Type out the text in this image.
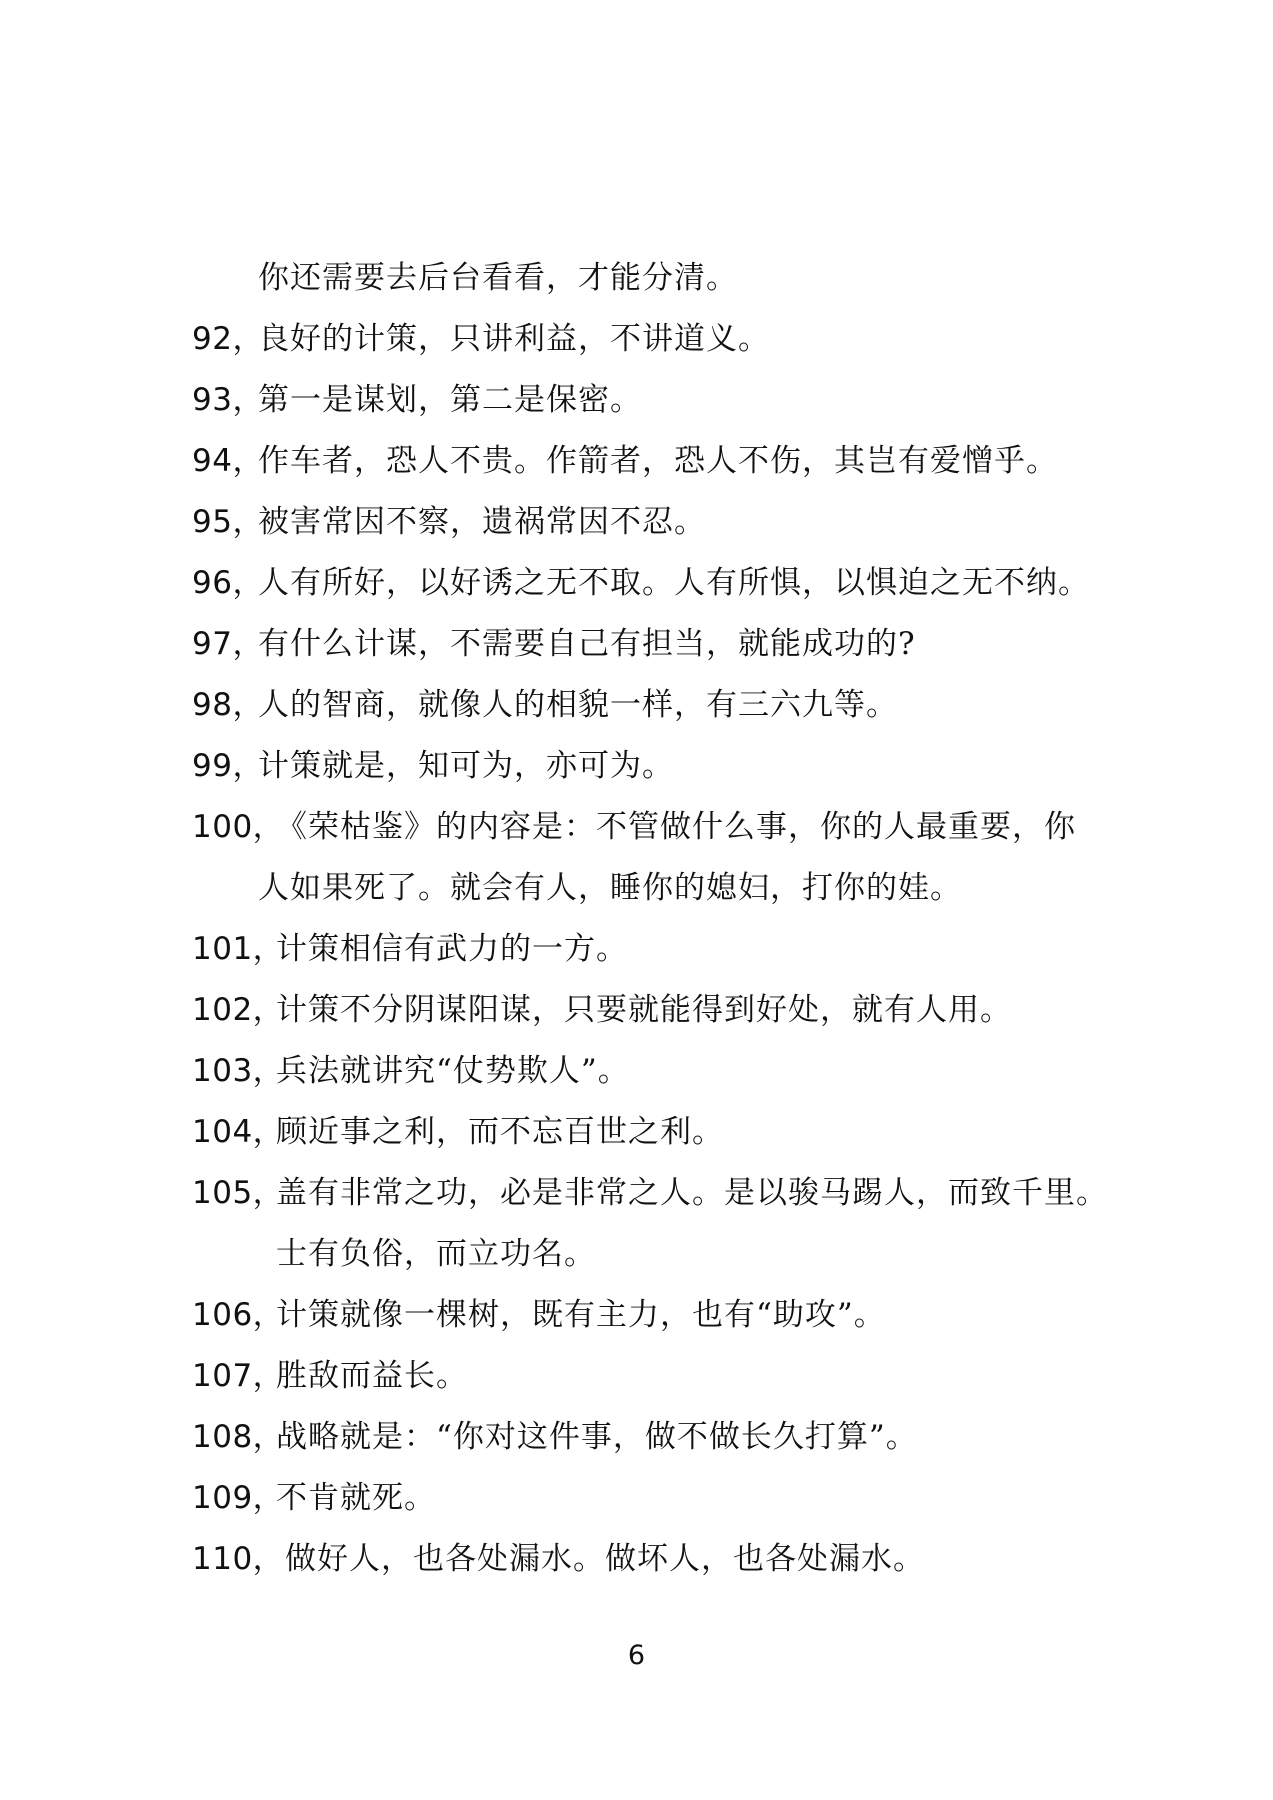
你还需要去后台看看，才能分清。
92，
良好的计策，只讲利益，不讲道义。
93，
第一是谋划，第二是保密。
94，
作车者，恐人不贵。作箭者，恐人不伤，其岂有爱憎乎。
95，
被害常因不察，遗祸常因不忍。
96，
人有所好，以好诱之无不取。人有所惧，以惧迫之无不纳。
97，
有什么计谋，不需要自己有担当，就能成功的?
98，
人的智商，就像人的相貌一样，有三六九等。
99，
计策就是，知可为，亦可为。
100，
《荣枯鉴》的内容是：不管做什么事，你的人最重要，你
人如果死了。就会有人，睡你的媳妇，打你的娃。
101，
计策相信有武力的一方。
102，
计策不分阴谋阳谋，只要就能得到好处，就有人用。
103，
兵法就讲究“仗势欺人”。
104，
顾近事之利，而不忘百世之利。
105，
盖有非常之功，必是非常之人。是以骏马踢人，而致千里。
士有负俗，而立功名。
106，
计策就像一棵树，既有主力，也有“助攻”。
107，
胜敌而益长。
108，
战略就是：“你对这件事，做不做长久打算”。
109，
不肯就死。
110， 做好人，也各处漏水。做坏人，也各处漏水。
6
